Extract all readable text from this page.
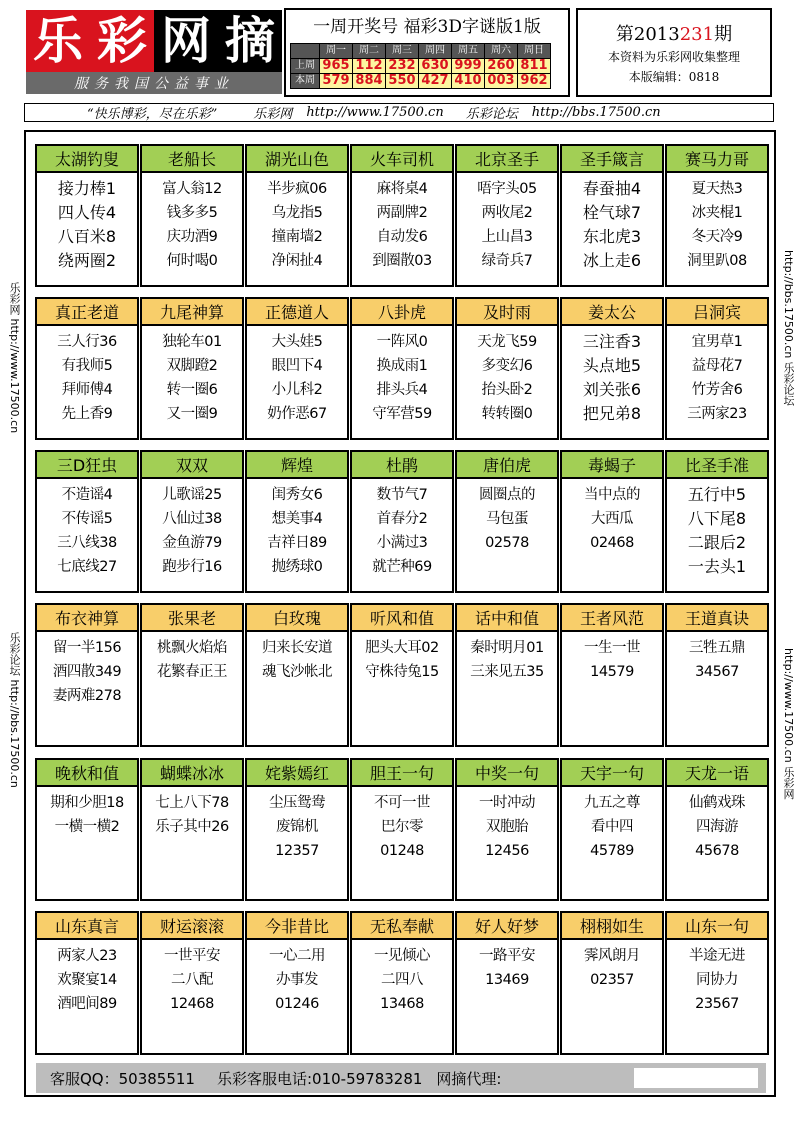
乐 彩 网 摘
服务我国公益事业
一周开奖号 福彩3D字谜版1版
	周一	周二	周三	周四	周五	周六	周日
上周	965	112	232	630	999	260	811
本周	579	884	550	427	410	003	962
第2013231期
本资料为乐彩网收集整理
本版编辑：0818
“快乐博彩，尽在乐彩”	乐彩网 http://www.17500.cn 乐彩论坛 http://bbs.17500.cn
乐彩网 http://www.17500.cn
乐彩论坛 http://bbs.17500.cn
http://bbs.17500.cn 乐彩论坛
http://www.17500.cn 乐彩网
太湖钓叟
接力棒1
四人传4
八百米8
绕两圈2
老船长
富人翁12
钱多多5
庆功酒9
何时喝0
湖光山色
半步疯06
乌龙指5
撞南墙2
净闲扯4
火车司机
麻将桌4
两副牌2
自动发6
到圈散03
北京圣手
唔字头05
两收尾2
上山昌3
绿奇兵7
圣手箴言
春蚕抽4
栓气球7
东北虎3
冰上走6
赛马力哥
夏天热3
冰夹棍1
冬天冷9
洞里趴08
真正老道
三人行36
有我师5
拜师傅4
先上香9
九尾神算
独轮车01
双脚蹬2
转一圈6
又一圈9
正德道人
大头娃5
眼凹下4
小儿科2
奶作恶67
八卦虎
一阵风0
换成雨1
排头兵4
守军营59
及时雨
天龙飞59
多变幻6
抬头卧2
转转圈0
姜太公
三注香3
头点地5
刘关张6
把兄弟8
吕洞宾
宜男草1
益母花7
竹芳舍6
三两家23
三D狂虫
不造谣4
不传谣5
三八线38
七底线27
双双
儿歌谣25
八仙过38
金鱼游79
跑步行16
辉煌
闺秀女6
想美事4
吉祥日89
抛绣球0
杜鹃
数节气7
首春分2
小满过3
就芒种69
唐伯虎
圆圈点的
马包蛋
02578
毒蝎子
当中点的
大西瓜
02468
比圣手准
五行中5
八下尾8
二跟后2
一去头1
布衣神算
留一半156
酒四散349
妻两难278
张果老
桃飘火焰焰
花繁春正王
白玫瑰
归来长安道
魂飞沙帐北
听风和值
肥头大耳02
守株待兔15
话中和值
秦时明月01
三来见五35
王者风范
一生一世
14579
王道真诀
三牲五鼎
34567
晚秋和值
期和少胆18
一横一横2
蝴蝶冰冰
七上八下78
乐子其中26
姹紫嫣红
尘压鸳鸯
废锦机
12357
胆王一句
不可一世
巴尔零
01248
中奖一句
一时冲动
双胞胎
12456
天宇一句
九五之尊
看中四
45789
天龙一语
仙鹤戏珠
四海游
45678
山东真言
两家人23
欢聚宴14
酒吧间89
财运滚滚
一世平安
二八配
12468
今非昔比
一心二用
办事发
01246
无私奉献
一见倾心
二四八
13468
好人好梦
一路平安
13469
栩栩如生
霁风朗月
02357
山东一句
半途无进
同协力
23567
客服QQ：50385511 乐彩客服电话:010-59783281 网摘代理:
